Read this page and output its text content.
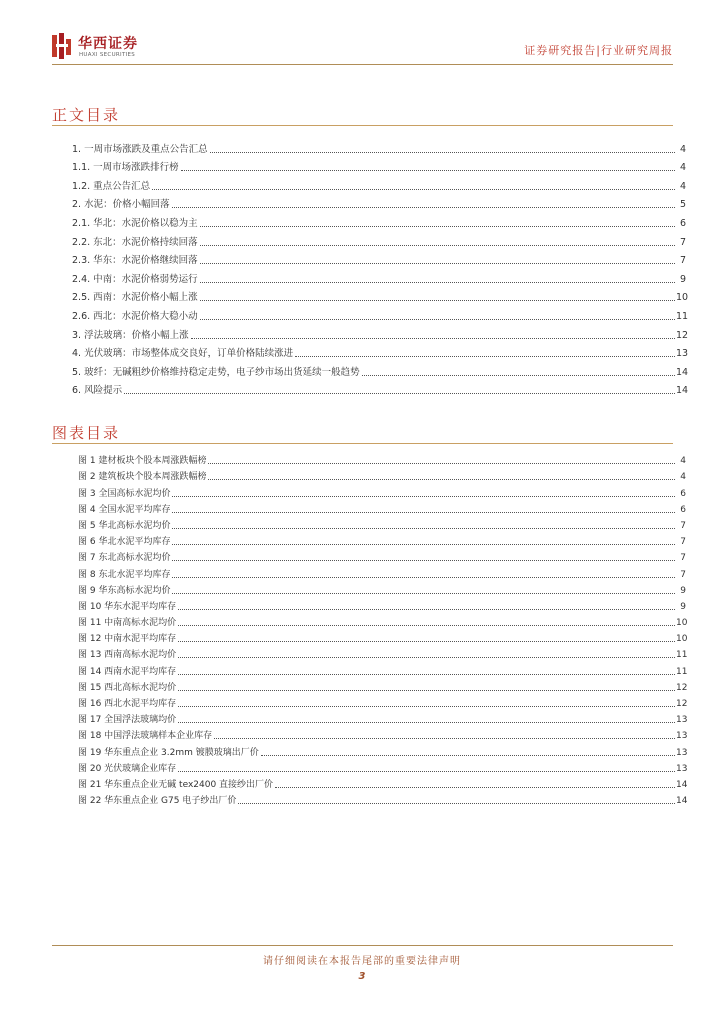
华西证券
HUAXI SECURITIES	证券研究报告|行业研究周报
正文目录
1. 一周市场涨跌及重点公告汇总	4
1.1. 一周市场涨跌排行榜	4
1.2. 重点公告汇总	4
2. 水泥：价格小幅回落	5
2.1. 华北：水泥价格以稳为主	6
2.2. 东北：水泥价格持续回落	7
2.3. 华东：水泥价格继续回落	7
2.4. 中南：水泥价格弱势运行	9
2.5. 西南：水泥价格小幅上涨	10
2.6. 西北：水泥价格大稳小动	11
3. 浮法玻璃：价格小幅上涨	12
4. 光伏玻璃：市场整体成交良好，订单价格陆续涨进	13
5. 玻纤：无碱粗纱价格维持稳定走势，电子纱市场出货延续一般趋势	14
6. 风险提示	14
图表目录
图 1 建材板块个股本周涨跌幅榜	4
图 2 建筑板块个股本周涨跌幅榜	4
图 3 全国高标水泥均价	6
图 4 全国水泥平均库存	6
图 5 华北高标水泥均价	7
图 6 华北水泥平均库存	7
图 7 东北高标水泥均价	7
图 8 东北水泥平均库存	7
图 9 华东高标水泥均价	9
图 10 华东水泥平均库存	9
图 11 中南高标水泥均价	10
图 12 中南水泥平均库存	10
图 13 西南高标水泥均价	11
图 14 西南水泥平均库存	11
图 15 西北高标水泥均价	12
图 16 西北水泥平均库存	12
图 17 全国浮法玻璃均价	13
图 18 中国浮法玻璃样本企业库存	13
图 19 华东重点企业 3.2mm 镀膜玻璃出厂价	13
图 20 光伏玻璃企业库存	13
图 21 华东重点企业无碱 tex2400 直接纱出厂价	14
图 22 华东重点企业 G75 电子纱出厂价	14
请仔细阅读在本报告尾部的重要法律声明
3
